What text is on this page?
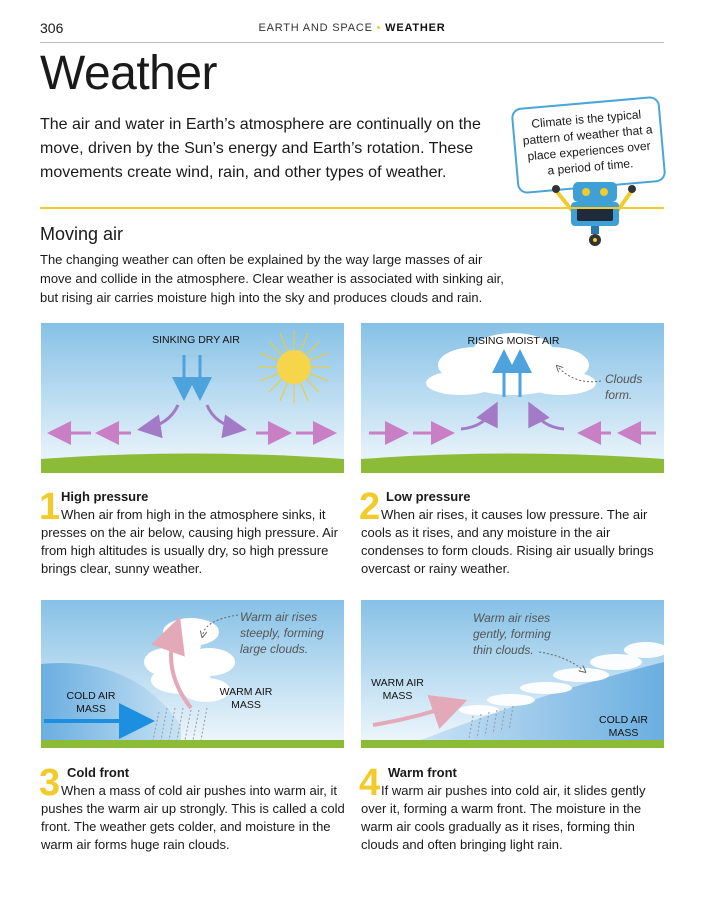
306	EARTH AND SPACE • WEATHER
Weather
The air and water in Earth’s atmosphere are continually on the move, driven by the Sun’s energy and Earth’s rotation. These movements create wind, rain, and other types of weather.
Climate is the typical pattern of weather that a place experiences over a period of time.
Moving air
The changing weather can often be explained by the way large masses of air move and collide in the atmosphere. Clear weather is associated with sinking air, but rising air carries moisture high into the sky and produces clouds and rain.
SINKING DRY AIR	RISING MOIST AIR
Clouds form.
1 High pressure
When air from high in the atmosphere sinks, it presses on the air below, causing high pressure. Air from high altitudes is usually dry, so high pressure brings clear, sunny weather.
2 Low pressure
When air rises, it causes low pressure. The air cools as it rises, and any moisture in the air condenses to form clouds. Rising air usually brings overcast or rainy weather.
COLD AIR MASS
WARM AIR MASS
Warm air rises steeply, forming large clouds.
WARM AIR MASS
COLD AIR MASS
Warm air rises gently, forming thin clouds.
3 Cold front
When a mass of cold air pushes into warm air, it pushes the warm air up strongly. This is called a cold front. The weather gets colder, and moisture in the warm air forms huge rain clouds.
4 Warm front
If warm air pushes into cold air, it slides gently over it, forming a warm front. The moisture in the warm air cools gradually as it rises, forming thin clouds and often bringing light rain.
